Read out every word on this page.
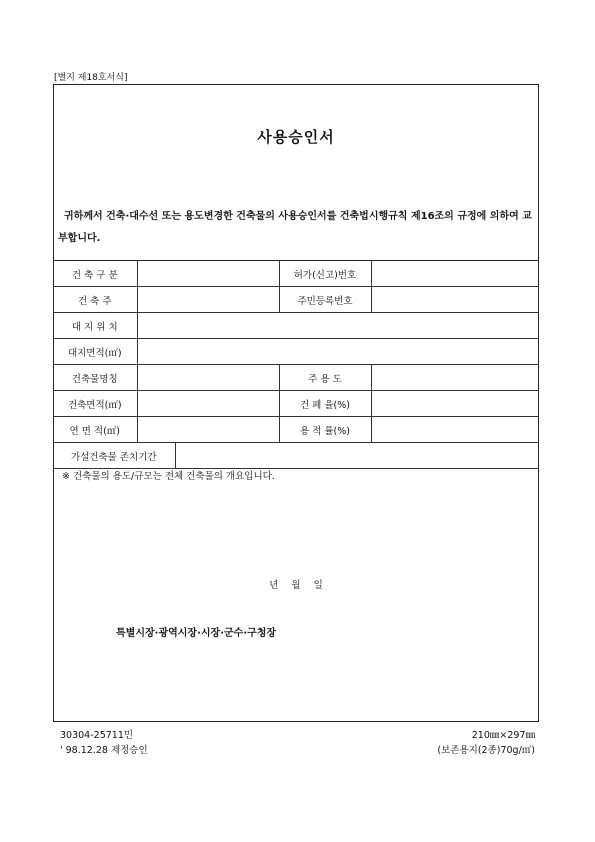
[별지 제18호서식]
사용승인서
귀하께서 건축·대수선 또는 용도변경한 건축물의 사용승인서를 건축법시행규칙 제16조의 규정에 의하여 교부합니다.
건 축 구 분			허가(신고)번호	
건 축 주			주민등록번호	
대 지 위 치				
대지면적(㎡)				
건축물명칭			주 용 도	
건축면적(㎡)			건 폐 율(%)	
연 면 적(㎡)			용 적 률(%)	
가설건축물 존치기간				
※ 건축물의 용도/규모는 전체 건축물의 개요입니다.
년 월 일
특별시장·광역시장·시장·군수·구청장
30304-25711민
' 98.12.28 제정승인
210㎜×297㎜
(보존용지(2종)70g/㎡)
